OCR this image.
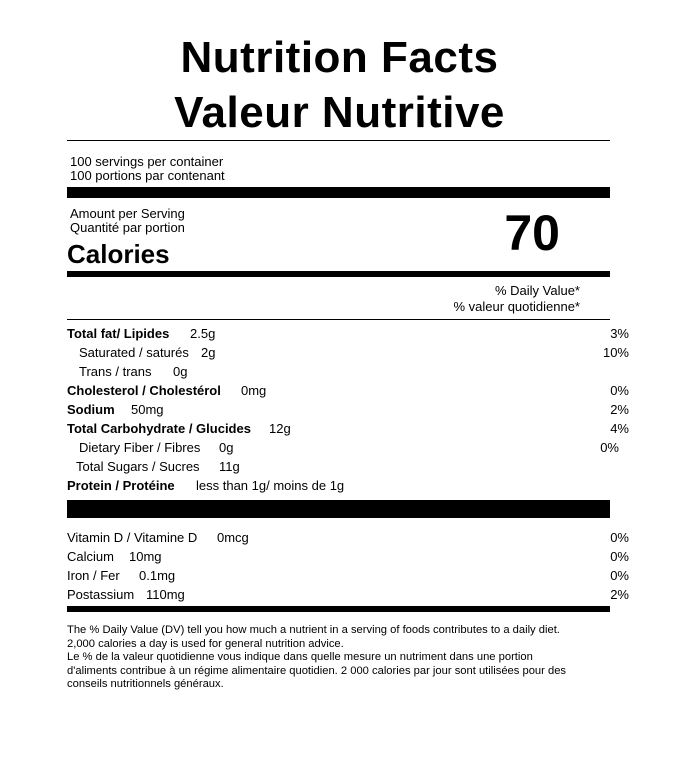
Nutrition Facts
Valeur Nutritive
100 servings per container
100 portions par contenant
Amount per Serving
Quantité par portion
Calories	70
% Daily Value*
% valeur quotidienne*
Total fat/ Lipides 2.5g	3%
Saturated / saturés 2g	10%
Trans / trans 0g
Cholesterol / Cholestérol 0mg	0%
Sodium 50mg	2%
Total Carbohydrate / Glucides 12g	4%
Dietary Fiber / Fibres 0g	0%
Total Sugars / Sucres 11g
Protein / Protéine less than 1g/ moins de 1g
Vitamin D / Vitamine D 0mcg	0%
Calcium 10mg	0%
Iron / Fer 0.1mg	0%
Postassium 110mg	2%
The % Daily Value (DV) tell you how much a nutrient in a serving of foods contributes to a daily diet.
2,000 calories a day is used for general nutrition advice.
Le % de la valeur quotidienne vous indique dans quelle mesure un nutriment dans une portion
d'aliments contribue à un régime alimentaire quotidien. 2 000 calories par jour sont utilisées pour des
conseils nutritionnels généraux.
